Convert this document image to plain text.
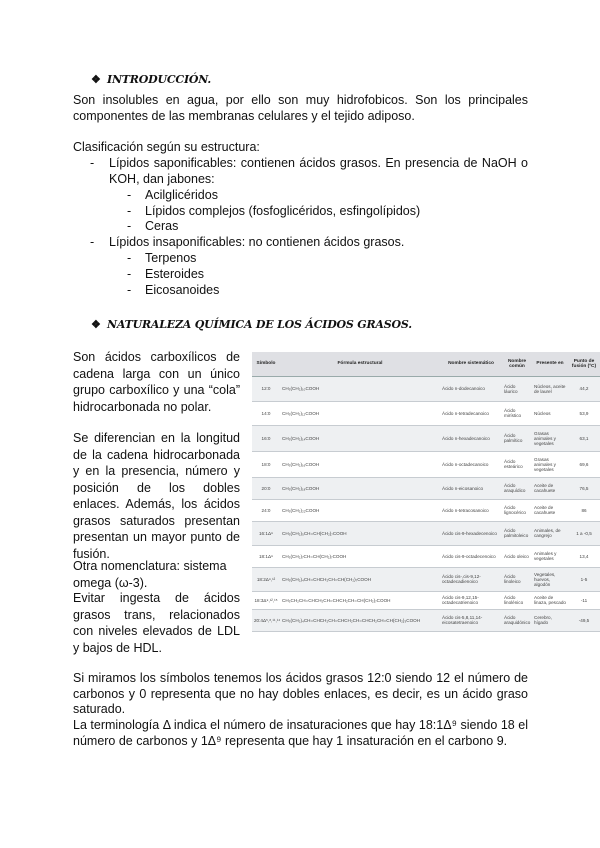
❖ INTRODUCCIÓN.

Son insolubles en agua, por ello son muy hidrofobicos. Son los principales componentes de las membranas celulares y el tejido adiposo.

Clasificación según su estructura:

- Lípidos saponificables: contienen ácidos grasos. En presencia de NaOH o KOH, dan jabones:

- Acilglicéridos

- Lípidos complejos (fosfoglicéridos, esfingolípidos)

- Ceras

- Lípidos insaponificables: no contienen ácidos grasos.

- Terpenos

- Esteroides

- Eicosanoides

❖ NATURALEZA QUÍMICA DE LOS ÁCIDOS GRASOS.

Son ácidos carboxílicos de cadena larga con un único grupo carboxílico y una “cola” hidrocarbonada no polar.

Se diferencian en la longitud de la cadena hidrocarbonada y en la presencia, número y posición de los dobles enlaces. Además, los ácidos grasos saturados presentan presentan un mayor punto de fusión.

Otra nomenclatura: sistema omega (ω-3).

Evitar ingesta de ácidos grasos trans, relacionados con niveles elevados de LDL y bajos de HDL.

Símbolo	Fórmula estructural	Nombre sistemático	Nombre común	Presente en	Punto de fusión (ºC)
12:0	CH₃(CH₂)₁₀COOH	Ácido n-dodecanoico	Ácido láurico	Núcleos, aceite de laurel	44,2
14:0	CH₃(CH₂)₁₂COOH	Ácido n-tetradecanoico	Ácido mirístico	Núcleos	53,9
16:0	CH₃(CH₂)₁₄COOH	Ácido n-hexadecanoico	Ácido palmítico	Grasas animales y vegetales	63,1
18:0	CH₃(CH₂)₁₆COOH	Ácido n-octadecanoico	Ácido esteárico	Grasas animales y vegetales	69,6
20:0	CH₃(CH₂)₁₈COOH	Ácido n-eicosanoico	Ácido araquídico	Aceite de cacahuete	76,5
24:0	CH₃(CH₂)₂₂COOH	Ácido n-tetracosanoico	Ácido lignocérico	Aceite de cacahuete	86
16:1Δ⁹	CH₃(CH₂)₅CH=CH(CH₂)₇COOH	Ácido cis-9-hexadecenoico	Ácido palmitoleico	Animales, de cangrejo	1 a -0,5
18:1Δ⁹	CH₃(CH₂)₇CH=CH(CH₂)₇COOH	Ácido cis-9-octadecenoico	Ácido oleico	Animales y vegetales	13,4
18:2Δ⁹,¹²	CH₃(CH₂)₄CH=CHCH₂CH=CH(CH₂)₇COOH	Ácido cis-,cis-9,12-octadecadienoico	Ácido linoleico	Vegetales, huevos, algodón	1-5
18:3Δ⁹,¹²,¹⁵	CH₃CH₂CH=CHCH₂CH=CHCH₂CH=CH(CH₂)₇COOH	Ácido cis-9,12,15-octadecatrienoico	Ácido linolénico	Aceite de linaza, pescado	-11
20:4Δ⁵,⁸,¹¹,¹⁴	CH₃(CH₂)₄CH=CHCH₂CH=CHCH₂CH=CHCH₂CH=CH(CH₂)₃COOH	Ácido cis-5,8,11,14-eicosatetraenoico	Ácido araquidónico	Cerebro, hígado	-49,5

Si miramos los símbolos tenemos los ácidos grasos 12:0 siendo 12 el número de carbonos y 0 representa que no hay dobles enlaces, es decir, es un ácido graso saturado.

La terminología Δ indica el número de insaturaciones que hay 18:1Δ⁹ siendo 18 el número de carbonos y 1Δ⁹ representa que hay 1 insaturación en el carbono 9.
